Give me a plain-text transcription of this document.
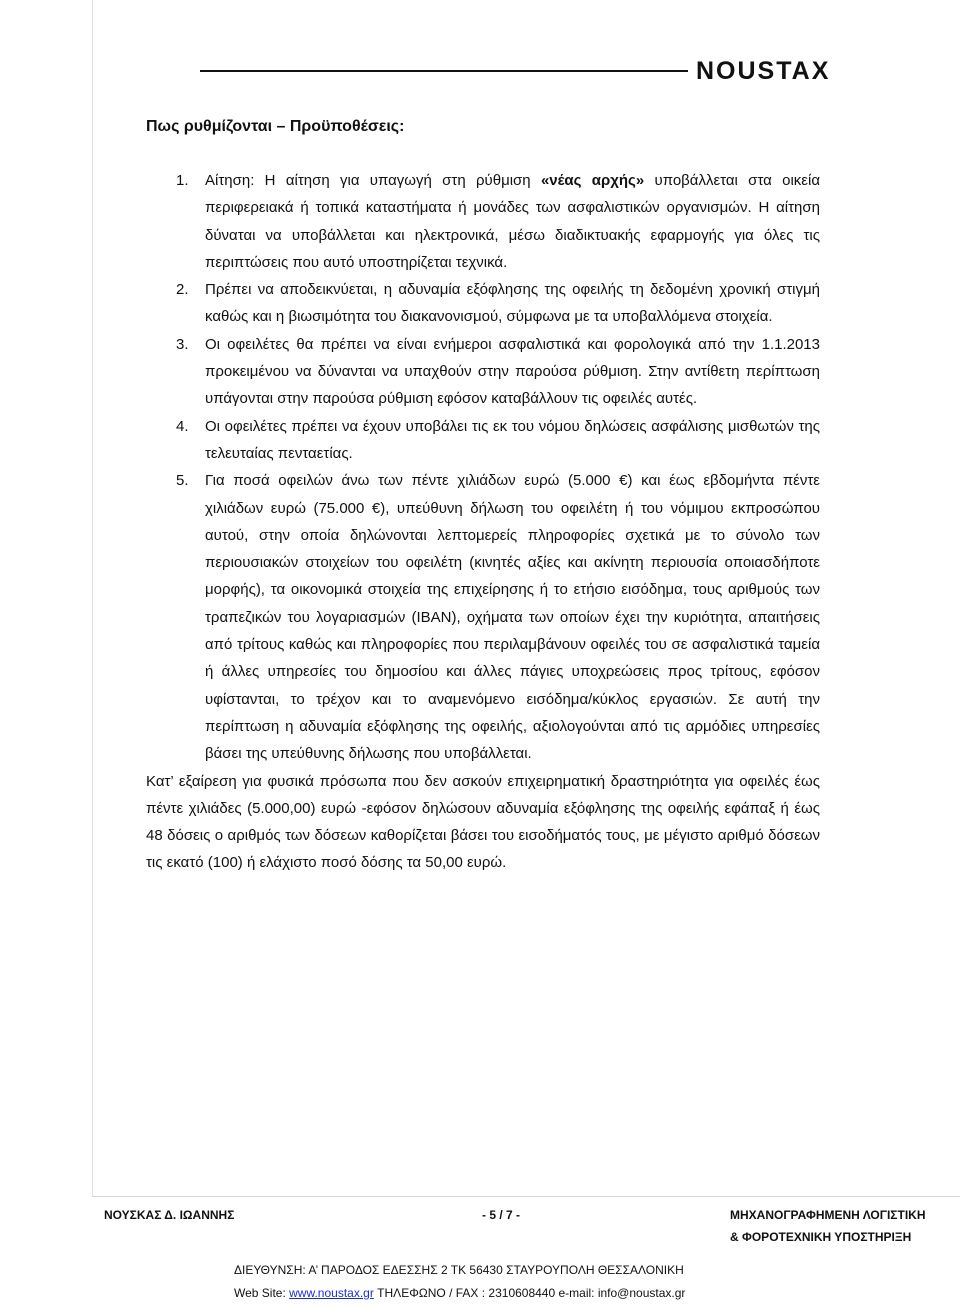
NOUSTAX

Πως ρυθμίζονται – Προϋποθέσεις:

1. Αίτηση: Η αίτηση για υπαγωγή στη ρύθμιση «νέας αρχής» υποβάλλεται στα οικεία περιφερειακά ή τοπικά καταστήματα ή μονάδες των ασφαλιστικών οργανισμών. Η αίτηση δύναται να υποβάλλεται και ηλεκτρονικά, μέσω διαδικτυακής εφαρμογής για όλες τις περιπτώσεις που αυτό υποστηρίζεται τεχνικά.

2. Πρέπει να αποδεικνύεται, η αδυναμία εξόφλησης της οφειλής τη δεδομένη χρονική στιγμή καθώς και η βιωσιμότητα του διακανονισμού, σύμφωνα με τα υποβαλλόμενα στοιχεία.

3. Οι οφειλέτες θα πρέπει να είναι ενήμεροι ασφαλιστικά και φορολογικά από την 1.1.2013 προκειμένου να δύνανται να υπαχθούν στην παρούσα ρύθμιση. Στην αντίθετη περίπτωση υπάγονται στην παρούσα ρύθμιση εφόσον καταβάλλουν τις οφειλές αυτές.

4. Οι οφειλέτες πρέπει να έχουν υποβάλει τις εκ του νόμου δηλώσεις ασφάλισης μισθωτών της τελευταίας πενταετίας.

5. Για ποσά οφειλών άνω των πέντε χιλιάδων ευρώ (5.000 €) και έως εβδομήντα πέντε χιλιάδων ευρώ (75.000 €), υπεύθυνη δήλωση του οφειλέτη ή του νόμιμου εκπροσώπου αυτού, στην οποία δηλώνονται λεπτομερείς πληροφορίες σχετικά με το σύνολο των περιουσιακών στοιχείων του οφειλέτη (κινητές αξίες και ακίνητη περιουσία οποιασδήποτε μορφής), τα οικονομικά στοιχεία της επιχείρησης ή το ετήσιο εισόδημα, τους αριθμούς των τραπεζικών του λογαριασμών (IBAN), οχήματα των οποίων έχει την κυριότητα, απαιτήσεις από τρίτους καθώς και πληροφορίες που περιλαμβάνουν οφειλές του σε ασφαλιστικά ταμεία ή άλλες υπηρεσίες του δημοσίου και άλλες πάγιες υποχρεώσεις προς τρίτους, εφόσον υφίστανται, το τρέχον και το αναμενόμενο εισόδημα/κύκλος εργασιών. Σε αυτή την περίπτωση η αδυναμία εξόφλησης της οφειλής, αξιολογούνται από τις αρμόδιες υπηρεσίες βάσει της υπεύθυνης δήλωσης που υποβάλλεται.

Κατ’ εξαίρεση για φυσικά πρόσωπα που δεν ασκούν επιχειρηματική δραστηριότητα για οφειλές έως πέντε χιλιάδες (5.000,00) ευρώ -εφόσον δηλώσουν αδυναμία εξόφλησης της οφειλής εφάπαξ ή έως 48 δόσεις ο αριθμός των δόσεων καθορίζεται βάσει του εισοδήματός τους, με μέγιστο αριθμό δόσεων τις εκατό (100) ή ελάχιστο ποσό δόσης τα 50,00 ευρώ.

ΝΟΥΣΚΑΣ Δ. ΙΩΑΝΝΗΣ	- 5 / 7 -	ΜΗΧΑΝΟΓΡΑΦΗΜΕΝΗ ΛΟΓΙΣΤΙΚΗ
& ΦΟΡΟΤΕΧΝΙΚΗ ΥΠΟΣΤΗΡΙΞΗ
ΔΙΕΥΘΥΝΣΗ: Α’ ΠΑΡΟΔΟΣ ΕΔΕΣΣΗΣ 2 ΤΚ 56430 ΣΤΑΥΡΟΥΠΟΛΗ ΘΕΣΣΑΛΟΝΙΚΗ
Web Site: www.noustax.gr ΤΗΛΕΦΩΝΟ / FAX : 2310608440 e-mail: info@noustax.gr
